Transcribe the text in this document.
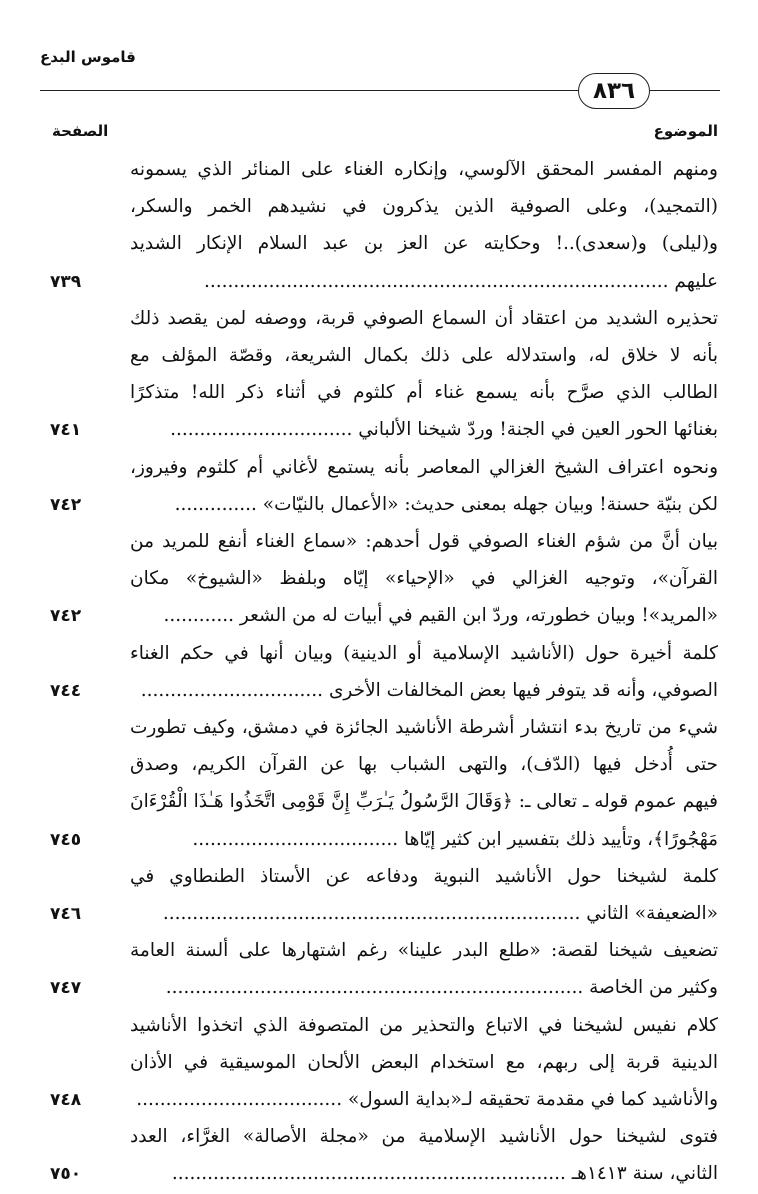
قاموس البدع
٨٣٦
الموضوع
الصفحة
ومنهم المفسر المحقق الآلوسي، وإنكاره الغناء على المنائر الذي يسمونه
(التمجيد)، وعلى الصوفية الذين يذكرون في نشيدهم الخمر والسكر،
و(ليلى) و(سعدى)..! وحكايته عن العز بن عبد السلام الإنكار الشديد
عليهم ...............................................................................
٧٣٩
تحذيره الشديد من اعتقاد أن السماع الصوفي قربة، ووصفه لمن يقصد ذلك
بأنه لا خلاق له، واستدلاله على ذلك بكمال الشريعة، وقصّة المؤلف مع
الطالب الذي صرَّح بأنه يسمع غناء أم كلثوم في أثناء ذكر الله! متذكرًا
بغنائها الحور العين في الجنة! وردّ شيخنا الألباني ...............................
٧٤١
ونحوه اعتراف الشيخ الغزالي المعاصر بأنه يستمع لأغاني أم كلثوم وفيروز،
لكن بنيّة حسنة! وبيان جهله بمعنى حديث: «الأعمال بالنيّات» ..............
٧٤٢
بيان أنَّ من شؤم الغناء الصوفي قول أحدهم: «سماع الغناء أنفع للمريد من
القرآن»، وتوجيه الغزالي في «الإحياء» إيّاه وبلفظ «الشيوخ» مكان
«المريد»! وبيان خطورته، وردّ ابن القيم في أبيات له من الشعر ............
٧٤٢
كلمة أخيرة حول (الأناشيد الإسلامية أو الدينية) وبيان أنها في حكم الغناء
الصوفي، وأنه قد يتوفر فيها بعض المخالفات الأخرى ...............................
٧٤٤
شيء من تاريخ بدء انتشار أشرطة الأناشيد الجائزة في دمشق، وكيف تطورت
حتى أُدخل فيها (الدّف)، والتهى الشباب بها عن القرآن الكريم، وصدق
فيهم عموم قوله ـ تعالى ـ: ﴿وَقَالَ الرَّسُولُ يَـٰرَبِّ إِنَّ قَوْمِى اتَّخَذُوا هَـٰذَا الْقُرْءَانَ
مَهْجُورًا﴾، وتأييد ذلك بتفسير ابن كثير إيّاها ...................................
٧٤٥
كلمة لشيخنا حول الأناشيد النبوية ودفاعه عن الأستاذ الطنطاوي في
«الضعيفة» الثاني .......................................................................
٧٤٦
تضعيف شيخنا لقصة: «طلع البدر علينا» رغم اشتهارها على ألسنة العامة
وكثير من الخاصة .......................................................................
٧٤٧
كلام نفيس لشيخنا في الاتباع والتحذير من المتصوفة الذي اتخذوا الأناشيد
الدينية قربة إلى ربهم، مع استخدام البعض الألحان الموسيقية في الأذان
والأناشيد كما في مقدمة تحقيقه لـ«بداية السول» ...................................
٧٤٨
فتوى لشيخنا حول الأناشيد الإسلامية من «مجلة الأصالة» الغرَّاء، العدد
الثاني، سنة ١٤١٣هـ ...................................................................
٧٥٠
